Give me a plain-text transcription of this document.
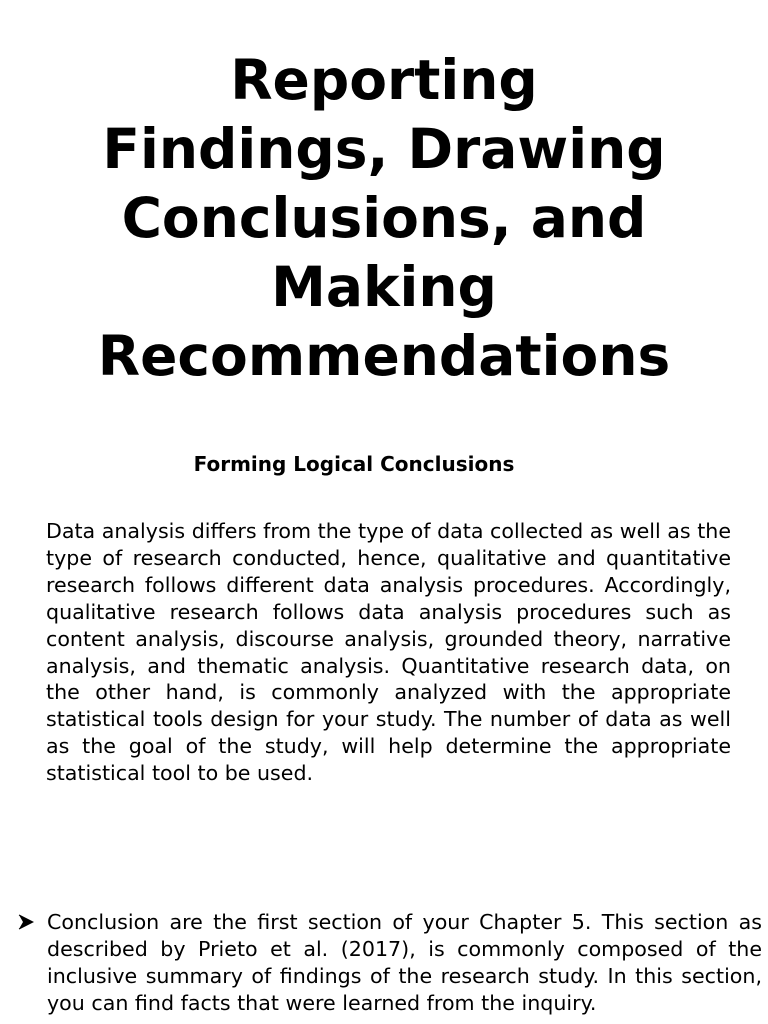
Reporting
Findings, Drawing
Conclusions, and
Making
Recommendations
Forming Logical Conclusions

Data analysis differs from the type of data collected as well as the type of research conducted, hence, qualitative and quantitative research follows different data analysis procedures. Accordingly, qualitative research follows data analysis procedures such as content analysis, discourse analysis, grounded theory, narrative analysis, and thematic analysis. Quantitative research data, on the other hand, is commonly analyzed with the appropriate statistical tools design for your study. The number of data as well as the goal of the study, will help determine the appropriate statistical tool to be used.

Conclusion are the first section of your Chapter 5. This section as described by Prieto et al. (2017), is commonly composed of the inclusive summary of findings of the research study. In this section, you can find facts that were learned from the inquiry.
